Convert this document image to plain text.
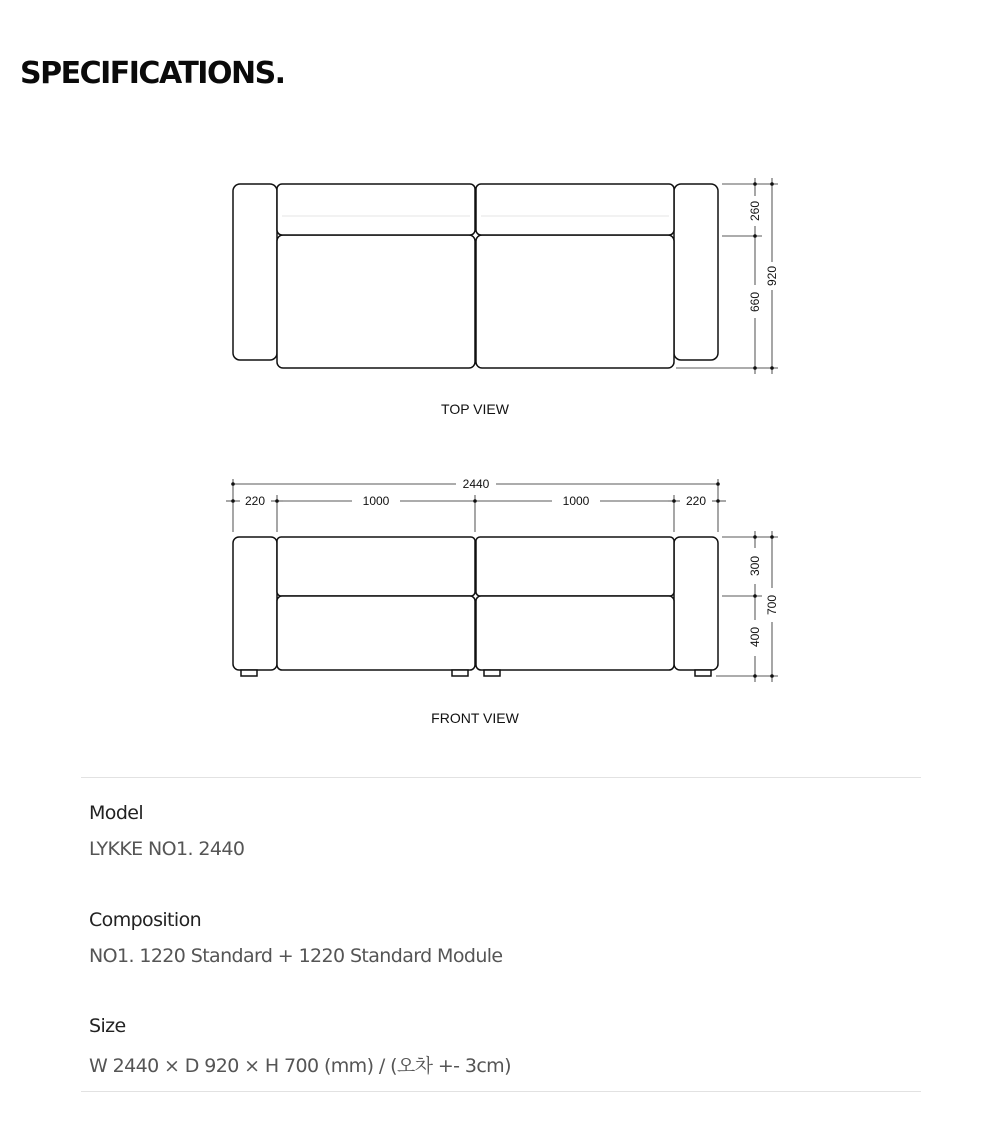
SPECIFICATIONS.
260
660
920
TOP VIEW
2440
220	1000	1000	220
300
400
700
FRONT VIEW

Model

LYKKE NO1. 2440

Composition

NO1. 1220 Standard + 1220 Standard Module

Size

W 2440 × D 920 × H 700 (mm) / (오차 +- 3cm)
